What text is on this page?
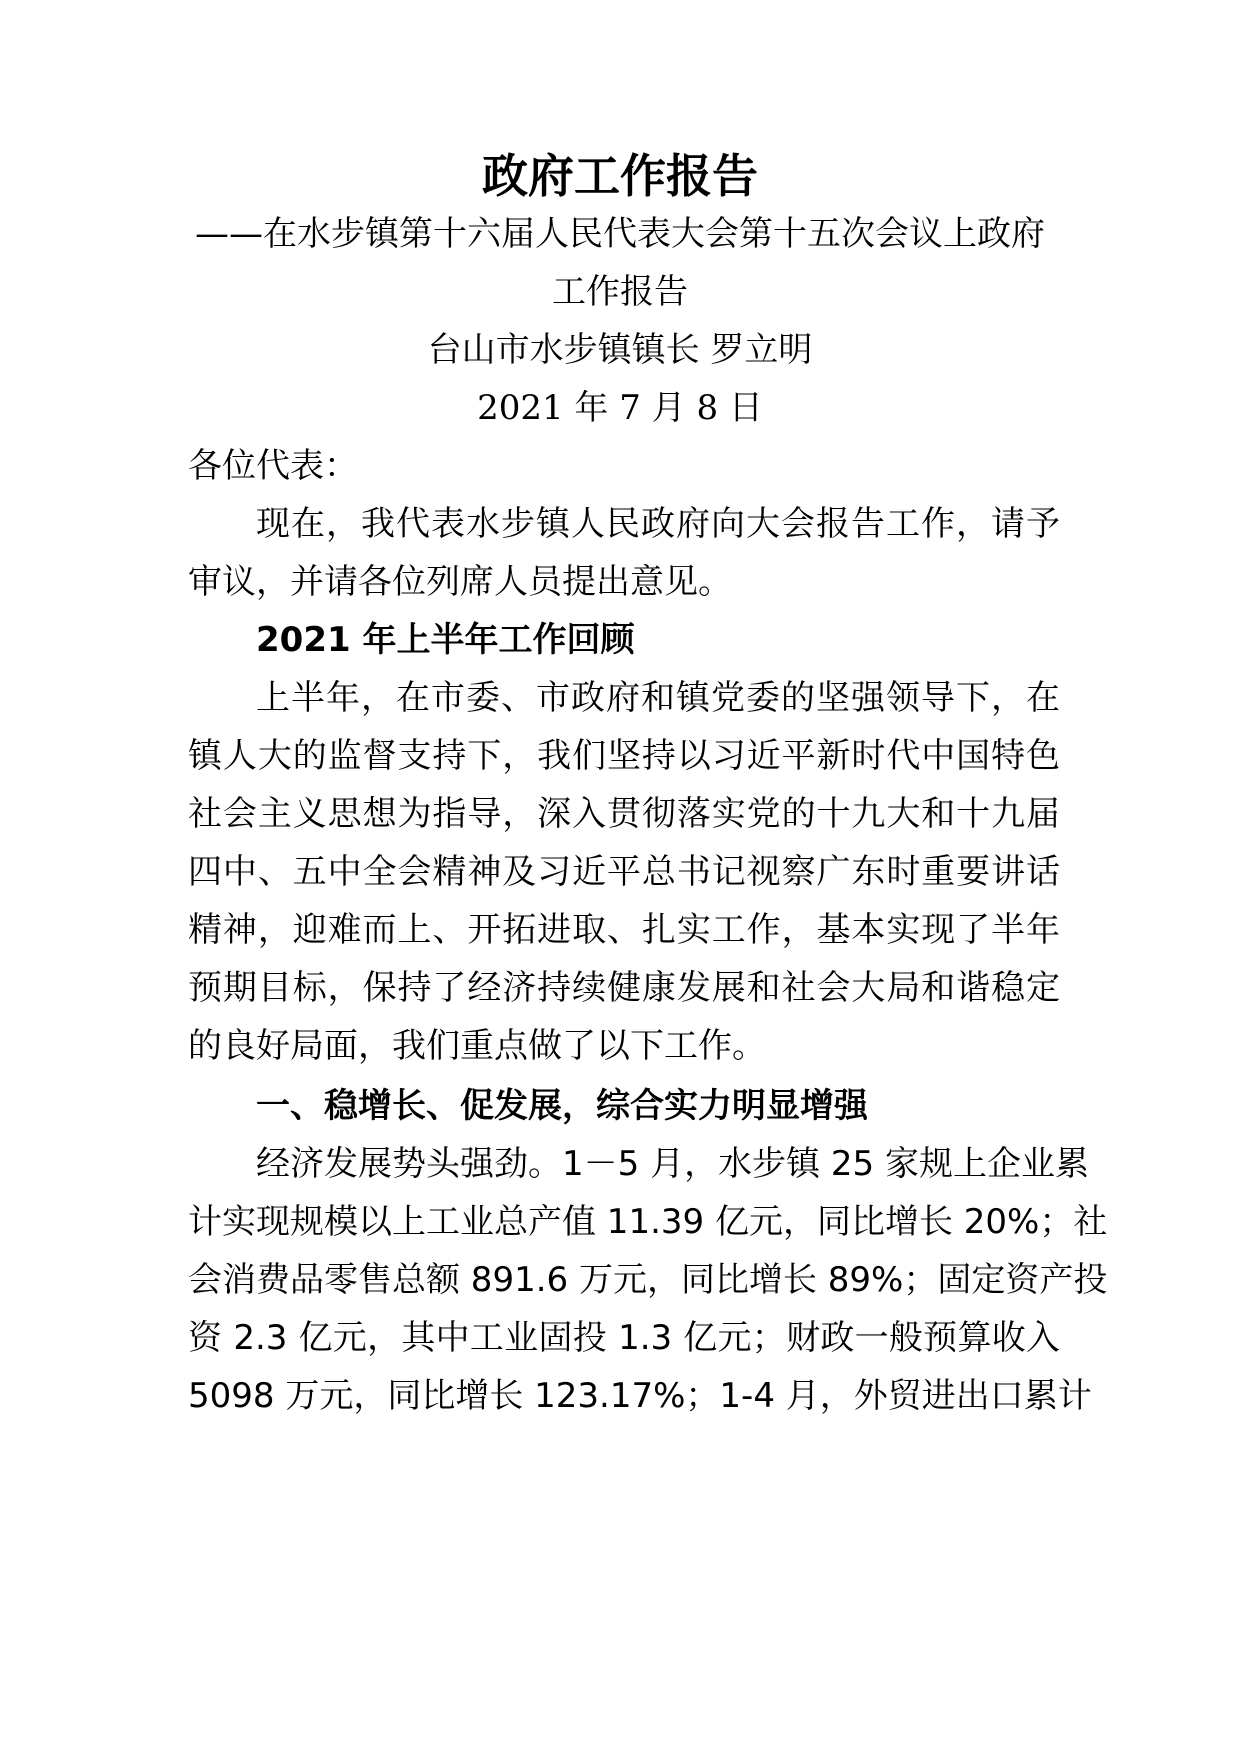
政府工作报告
——在水步镇第十六届人民代表大会第十五次会议上政府
工作报告
台山市水步镇镇长 罗立明
2021 年 7 月 8 日
各位代表：
现在，我代表水步镇人民政府向大会报告工作，请予
审议，并请各位列席人员提出意见。
2021 年上半年工作回顾
上半年，在市委、市政府和镇党委的坚强领导下，在
镇人大的监督支持下，我们坚持以习近平新时代中国特色
社会主义思想为指导，深入贯彻落实党的十九大和十九届
四中、五中全会精神及习近平总书记视察广东时重要讲话
精神，迎难而上、开拓进取、扎实工作，基本实现了半年
预期目标，保持了经济持续健康发展和社会大局和谐稳定
的良好局面，我们重点做了以下工作。
一、稳增长、促发展，综合实力明显增强
经济发展势头强劲。1－5 月，水步镇 25 家规上企业累
计实现规模以上工业总产值 11.39 亿元，同比增长 20%；社
会消费品零售总额 891.6 万元，同比增长 89%；固定资产投
资 2.3 亿元，其中工业固投 1.3 亿元；财政一般预算收入
5098 万元，同比增长 123.17%；1-4 月，外贸进出口累计
